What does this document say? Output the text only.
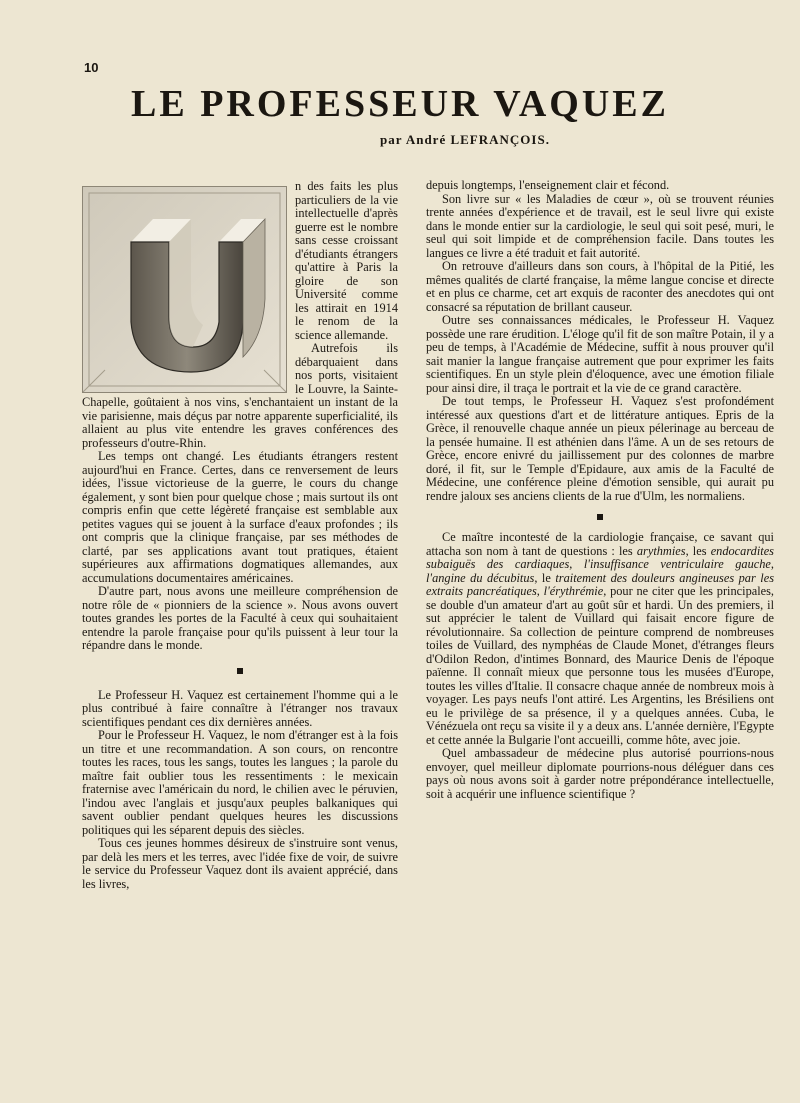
10
LE PROFESSEUR VAQUEZ
par André LEFRANÇOIS.

n des faits les plus particuliers de la vie intellectuelle d'après guerre est le nombre sans cesse croissant d'étudiants étrangers qu'attire à Paris la gloire de son Université comme les attirait en 1914 le renom de la science allemande.

Autrefois ils débarquaient dans nos ports, visitaient le Louvre, la Sainte-Chapelle, goûtaient à nos vins, s'enchantaient un instant de la vie parisienne, mais déçus par notre apparente superficialité, ils allaient au plus vite entendre les graves conférences des professeurs d'outre-Rhin.

Les temps ont changé. Les étudiants étrangers restent aujourd'hui en France. Certes, dans ce renversement de leurs idées, l'issue victorieuse de la guerre, le cours du change également, y sont bien pour quelque chose ; mais surtout ils ont compris enfin que cette légèreté française est semblable aux petites vagues qui se jouent à la surface d'eaux profondes ; ils ont compris que la clinique française, par ses méthodes de clarté, par ses applications avant tout pratiques, étaient supérieures aux affirmations dogmatiques allemandes, aux accumulations documentaires américaines.

D'autre part, nous avons une meilleure compréhension de notre rôle de « pionniers de la science ». Nous avons ouvert toutes grandes les portes de la Faculté à ceux qui souhaitaient entendre la parole française pour qu'ils puissent à leur tour la répandre dans le monde.

Le Professeur H. Vaquez est certainement l'homme qui a le plus contribué à faire connaître à l'étranger nos travaux scientifiques pendant ces dix dernières années.

Pour le Professeur H. Vaquez, le nom d'étranger est à la fois un titre et une recommandation. A son cours, on rencontre toutes les races, tous les sangs, toutes les langues ; la parole du maître fait oublier tous les ressentiments : le mexicain fraternise avec l'américain du nord, le chilien avec le péruvien, l'indou avec l'anglais et jusqu'aux peuples balkaniques qui savent oublier pendant quelques heures les discussions politiques qui les séparent depuis des siècles.

Tous ces jeunes hommes désireux de s'instruire sont venus, par delà les mers et les terres, avec l'idée fixe de voir, de suivre le service du Professeur Vaquez dont ils avaient apprécié, dans les livres,

depuis longtemps, l'enseignement clair et fécond.

Son livre sur « les Maladies de cœur », où se trouvent réunies trente années d'expérience et de travail, est le seul livre qui existe dans le monde entier sur la cardiologie, le seul qui soit pesé, muri, le seul qui soit limpide et de compréhension facile. Dans toutes les langues ce livre a été traduit et fait autorité.

On retrouve d'ailleurs dans son cours, à l'hôpital de la Pitié, les mêmes qualités de clarté française, la même langue concise et directe et en plus ce charme, cet art exquis de raconter des anecdotes qui ont consacré sa réputation de brillant causeur.

Outre ses connaissances médicales, le Professeur H. Vaquez possède une rare érudition. L'éloge qu'il fit de son maître Potain, il y a peu de temps, à l'Académie de Médecine, suffit à nous prouver qu'il sait manier la langue française autrement que pour exprimer les faits scientifiques. En un style plein d'éloquence, avec une émotion filiale pour ainsi dire, il traça le portrait et la vie de ce grand caractère.

De tout temps, le Professeur H. Vaquez s'est profondément intéressé aux questions d'art et de littérature antiques. Epris de la Grèce, il renouvelle chaque année un pieux pélerinage au berceau de la pensée humaine. Il est athénien dans l'âme. A un de ses retours de Grèce, encore enivré du jaillissement pur des colonnes de marbre doré, il fit, sur le Temple d'Epidaure, aux amis de la Faculté de Médecine, une conférence pleine d'émotion sensible, qui aurait pu rendre jaloux ses anciens clients de la rue d'Ulm, les normaliens.

Ce maître incontesté de la cardiologie française, ce savant qui attacha son nom à tant de questions : les arythmies, les endocardites subaiguës des cardiaques, l'insuffisance ventriculaire gauche, l'angine du décubitus, le traitement des douleurs angineuses par les extraits pancréatiques, l'érythrémie, pour ne citer que les principales, se double d'un amateur d'art au goût sûr et hardi. Un des premiers, il sut apprécier le talent de Vuillard qui faisait encore figure de révolutionnaire. Sa collection de peinture comprend de nombreuses toiles de Vuillard, des nymphéas de Claude Monet, d'étranges fleurs d'Odilon Redon, d'intimes Bonnard, des Maurice Denis de l'époque païenne. Il connaît mieux que personne tous les musées d'Europe, toutes les villes d'Italie. Il consacre chaque année de nombreux mois à voyager. Les pays neufs l'ont attiré. Les Argentins, les Brésiliens ont eu le privilège de sa présence, il y a quelques années. Cuba, le Vénézuela ont reçu sa visite il y a deux ans. L'année dernière, l'Egypte et cette année la Bulgarie l'ont accueilli, comme hôte, avec joie.

Quel ambassadeur de médecine plus autorisé pourrions-nous envoyer, quel meilleur diplomate pourrions-nous déléguer dans ces pays où nous avons soit à garder notre prépondérance intellectuelle, soit à acquérir une influence scientifique ?
